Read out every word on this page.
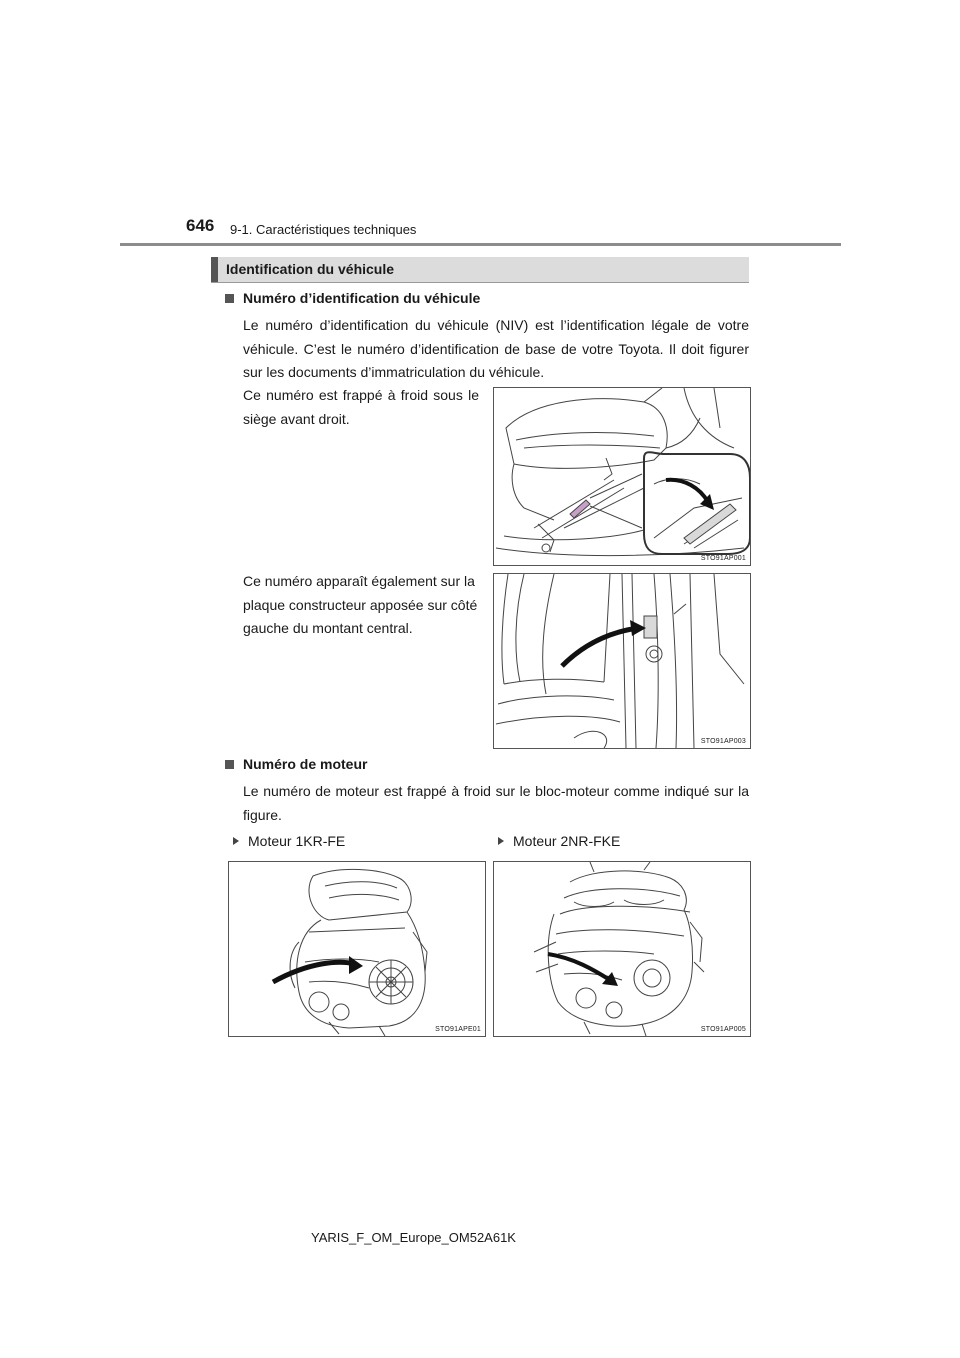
646 9-1. Caractéristiques techniques
Identification du véhicule
Numéro d’identification du véhicule
Le numéro d’identification du véhicule (NIV) est l’identification légale de votre véhicule. C’est le numéro d’identification de base de votre Toyota. Il doit figurer sur les documents d’immatriculation du véhicule.
Ce numéro est frappé à froid sous le siège avant droit.
STO91AP001
Ce numéro apparaît également sur la plaque constructeur apposée sur côté gauche du montant central.
STO91AP003
Numéro de moteur
Le numéro de moteur est frappé à froid sur le bloc-moteur comme indiqué sur la figure.
Moteur 1KR-FE	Moteur 2NR-FKE
STO91APE01	STO91AP005
YARIS_F_OM_Europe_OM52A61K
